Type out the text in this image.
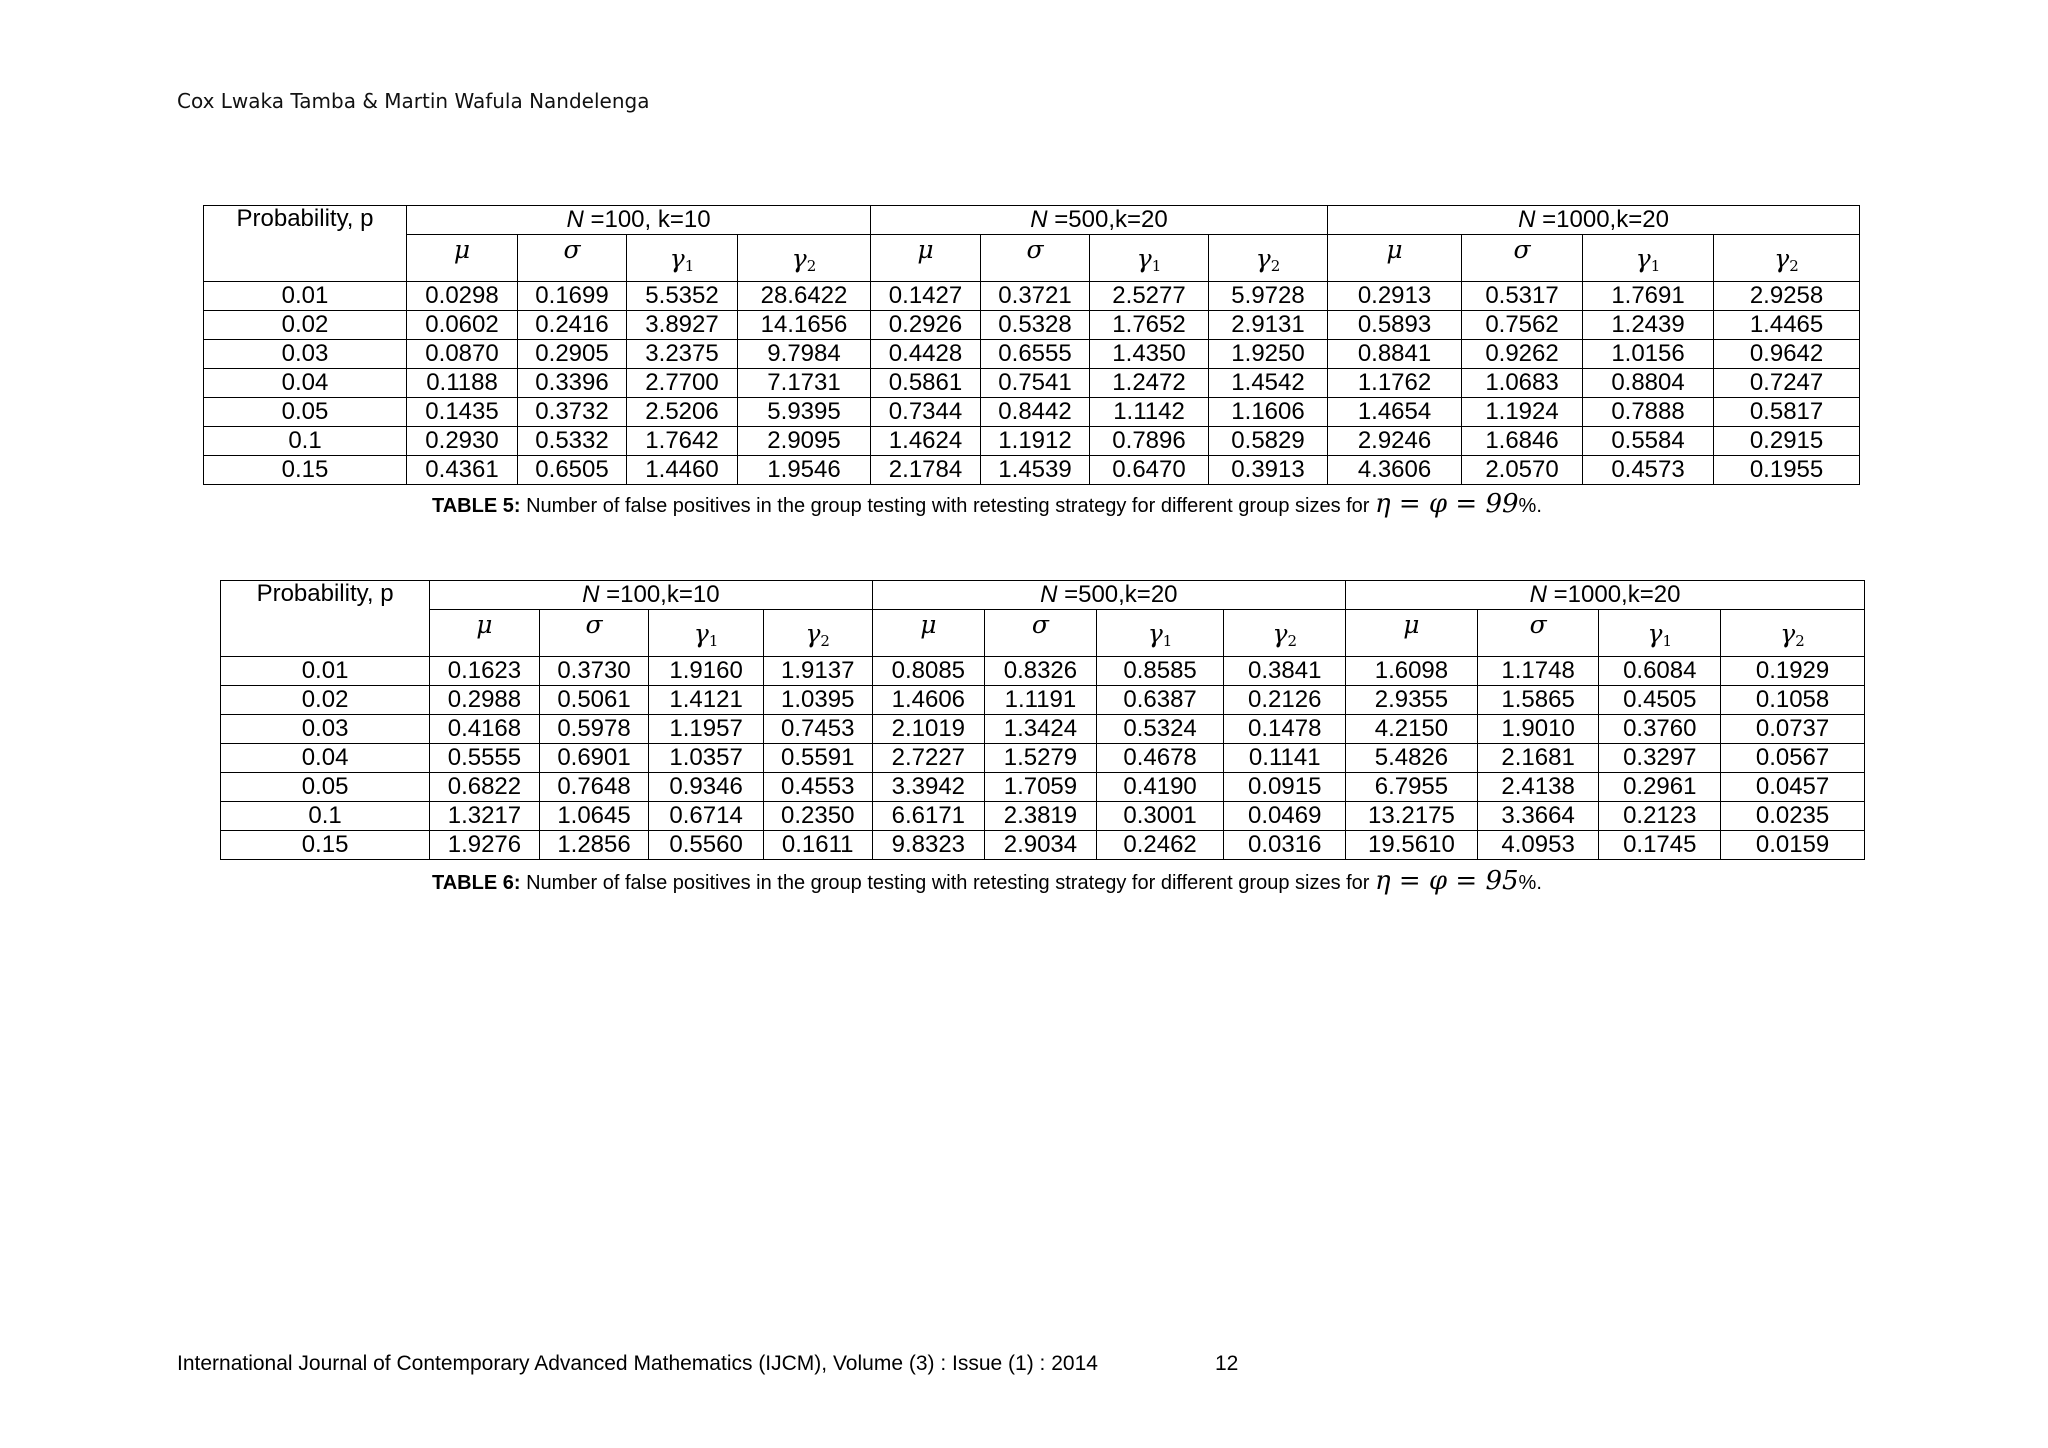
Cox Lwaka Tamba & Martin Wafula Nandelenga
Probability, p	N =100, k=10				N =500,k=20				N =1000,k=20			
	μ	σ	$\gamma_1$	$\gamma_2$	μ	σ	$\gamma_1$	$\gamma_2$	μ	σ	$\gamma_1$	$\gamma_2$
0.01	0.0298	0.1699	5.5352	28.6422	0.1427	0.3721	2.5277	5.9728	0.2913	0.5317	1.7691	2.9258
0.02	0.0602	0.2416	3.8927	14.1656	0.2926	0.5328	1.7652	2.9131	0.5893	0.7562	1.2439	1.4465
0.03	0.0870	0.2905	3.2375	9.7984	0.4428	0.6555	1.4350	1.9250	0.8841	0.9262	1.0156	0.9642
0.04	0.1188	0.3396	2.7700	7.1731	0.5861	0.7541	1.2472	1.4542	1.1762	1.0683	0.8804	0.7247
0.05	0.1435	0.3732	2.5206	5.9395	0.7344	0.8442	1.1142	1.1606	1.4654	1.1924	0.7888	0.5817
0.1	0.2930	0.5332	1.7642	2.9095	1.4624	1.1912	0.7896	0.5829	2.9246	1.6846	0.5584	0.2915
0.15	0.4361	0.6505	1.4460	1.9546	2.1784	1.4539	0.6470	0.3913	4.3606	2.0570	0.4573	0.1955
TABLE 5: Number of false positives in the group testing with retesting strategy for different group sizes for η = φ = 99%.
Probability, p	N =100,k=10				N =500,k=20				N =1000,k=20			
	μ	σ	$\gamma_1$	$\gamma_2$	μ	σ	$\gamma_1$	$\gamma_2$	μ	σ	$\gamma_1$	$\gamma_2$
0.01	0.1623	0.3730	1.9160	1.9137	0.8085	0.8326	0.8585	0.3841	1.6098	1.1748	0.6084	0.1929
0.02	0.2988	0.5061	1.4121	1.0395	1.4606	1.1191	0.6387	0.2126	2.9355	1.5865	0.4505	0.1058
0.03	0.4168	0.5978	1.1957	0.7453	2.1019	1.3424	0.5324	0.1478	4.2150	1.9010	0.3760	0.0737
0.04	0.5555	0.6901	1.0357	0.5591	2.7227	1.5279	0.4678	0.1141	5.4826	2.1681	0.3297	0.0567
0.05	0.6822	0.7648	0.9346	0.4553	3.3942	1.7059	0.4190	0.0915	6.7955	2.4138	0.2961	0.0457
0.1	1.3217	1.0645	0.6714	0.2350	6.6171	2.3819	0.3001	0.0469	13.2175	3.3664	0.2123	0.0235
0.15	1.9276	1.2856	0.5560	0.1611	9.8323	2.9034	0.2462	0.0316	19.5610	4.0953	0.1745	0.0159
TABLE 6: Number of false positives in the group testing with retesting strategy for different group sizes for η = φ = 95%.
International Journal of Contemporary Advanced Mathematics (IJCM), Volume (3) : Issue (1) : 2014	12
